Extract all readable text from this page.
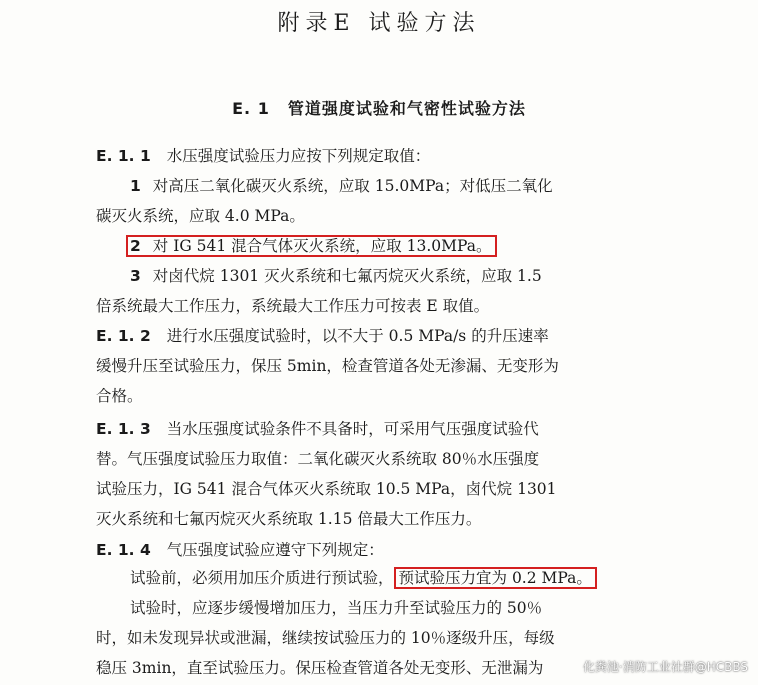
附录E 试验方法
E. 1 管道强度试验和气密性试验方法
E. 1. 1 水压强度试验压力应按下列规定取值：
1 对高压二氧化碳灭火系统，应取 15.0MPa；对低压二氧化
碳灭火系统，应取 4.0 MPa。
2 对 IG 541 混合气体灭火系统，应取 13.0MPa。
3 对卤代烷 1301 灭火系统和七氟丙烷灭火系统，应取 1.5
倍系统最大工作压力，系统最大工作压力可按表 E 取值。
E. 1. 2 进行水压强度试验时，以不大于 0.5 MPa/s 的升压速率
缓慢升压至试验压力，保压 5min，检查管道各处无渗漏、无变形为
合格。
E. 1. 3 当水压强度试验条件不具备时，可采用气压强度试验代
替。气压强度试验压力取值：二氧化碳灭火系统取 80％水压强度
试验压力，IG 541 混合气体灭火系统取 10.5 MPa，卤代烷 1301
灭火系统和七氟丙烷灭火系统取 1.15 倍最大工作压力。
E. 1. 4 气压强度试验应遵守下列规定：
试验前，必须用加压介质进行预试验， 预试验压力宜为 0.2 MPa。
试验时，应逐步缓慢增加压力，当压力升至试验压力的 50％
时，如未发现异状或泄漏，继续按试验压力的 10％逐级升压，每级
稳压 3min，直至试验压力。保压检查管道各处无变形、无泄漏为	化粪池·消防工业社群@HCBBS
